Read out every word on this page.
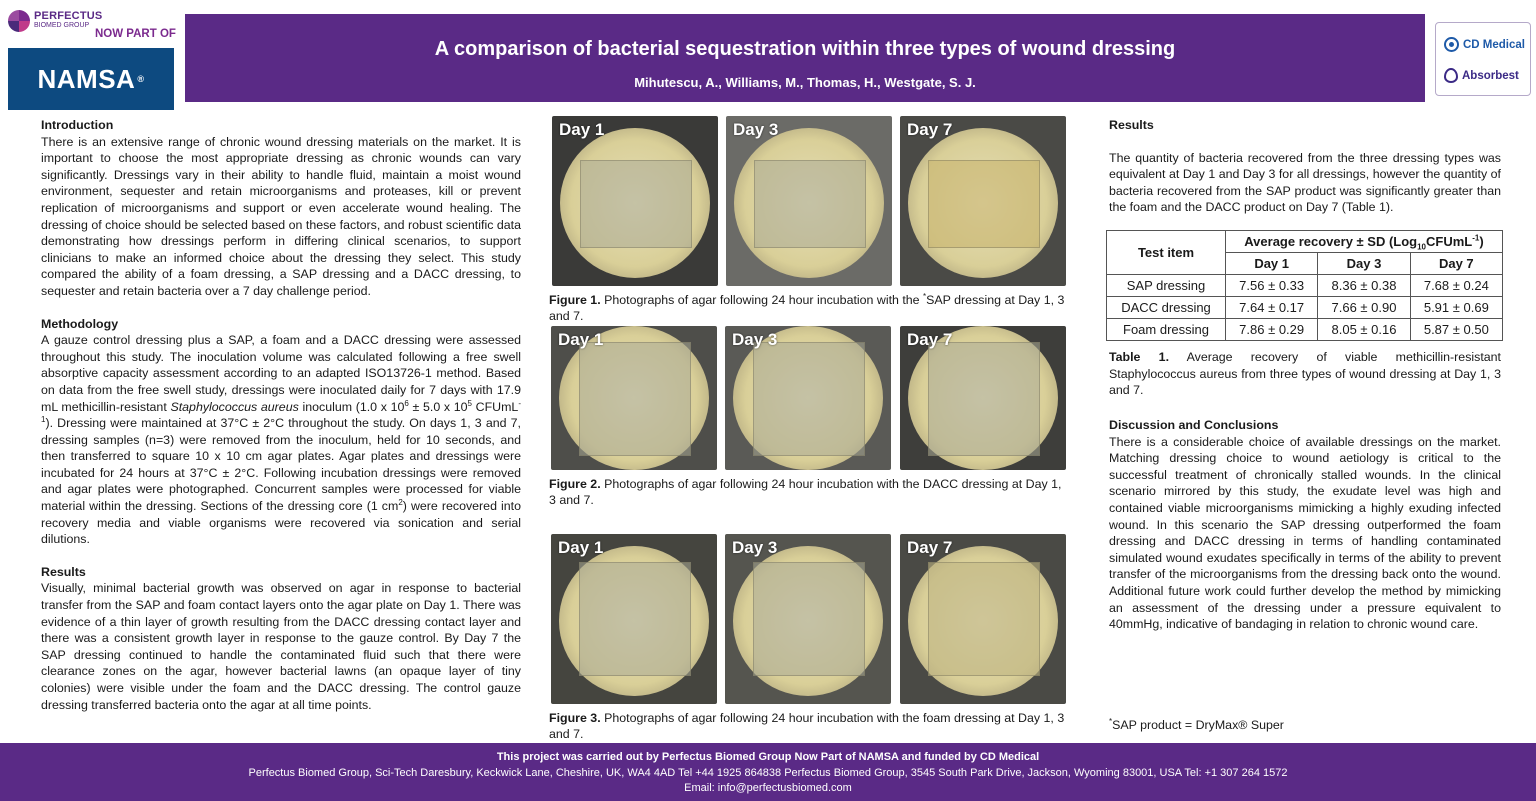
PERFECTUS
BIOMED GROUP
NOW PART OF
NAMSA ®
A comparison of bacterial sequestration within three types of wound dressing
Mihutescu, A., Williams, M., Thomas, H., Westgate, S. J.
CD Medical
Absorbest

Introduction

There is an extensive range of chronic wound dressing materials on the market. It is important to choose the most appropriate dressing as chronic wounds can vary significantly. Dressings vary in their ability to handle fluid, maintain a moist wound environment, sequester and retain microorganisms and proteases, kill or prevent replication of microorganisms and support or even accelerate wound healing. The dressing of choice should be selected based on these factors, and robust scientific data demonstrating how dressings perform in differing clinical scenarios, to support clinicians to make an informed choice about the dressing they select. This study compared the ability of a foam dressing, a SAP dressing and a DACC dressing, to sequester and retain bacteria over a 7 day challenge period.

Methodology

A gauze control dressing plus a SAP, a foam and a DACC dressing were assessed throughout this study. The inoculation volume was calculated following a free swell absorptive capacity assessment according to an adapted ISO13726-1 method. Based on data from the free swell study, dressings were inoculated daily for 7 days with 17.9 mL methicillin-resistant Staphylococcus aureus inoculum (1.0 x $10^6 \pm 5.0$ x $10^5$ CFUmL$^{-1}$). Dressing were maintained at 37°C ± 2°C throughout the study. On days 1, 3 and 7, dressing samples (n=3) were removed from the inoculum, held for 10 seconds, and then transferred to square 10 x 10 cm agar plates. Agar plates and dressings were incubated for 24 hours at 37°C ± 2°C. Following incubation dressings were removed and agar plates were photographed. Concurrent samples were processed for viable material within the dressing. Sections of the dressing core (1 $cm^2$) were recovered into recovery media and viable organisms were recovered via sonication and serial dilutions.

Results

Visually, minimal bacterial growth was observed on agar in response to bacterial transfer from the SAP and foam contact layers onto the agar plate on Day 1. There was evidence of a thin layer of growth resulting from the DACC dressing contact layer and there was a consistent growth layer in response to the gauze control. By Day 7 the SAP dressing continued to handle the contaminated fluid such that there were clearance zones on the agar, however bacterial lawns (an opaque layer of tiny colonies) were visible under the foam and the DACC dressing. The control gauze dressing transferred bacteria onto the agar at all time points.

Day 1	Day 3	Day 7
Figure 1. Photographs of agar following 24 hour incubation with the *SAP dressing at Day 1, 3 and 7.
Day 1	Day 3	Day 7
Figure 2. Photographs of agar following 24 hour incubation with the DACC dressing at Day 1, 3 and 7.
Day 1	Day 3	Day 7
Figure 3. Photographs of agar following 24 hour incubation with the foam dressing at Day 1, 3 and 7.

Results

The quantity of bacteria recovered from the three dressing types was equivalent at Day 1 and Day 3 for all dressings, however the quantity of bacteria recovered from the SAP product was significantly greater than the foam and the DACC product on Day 7 (Table 1).

Test item	Average recovery ± SD (Log$_{10}$CFUmL$^{-1}$)		
	Day 1	Day 3	Day 7
SAP dressing	7.56 ± 0.33	8.36 ± 0.38	7.68 ± 0.24
DACC dressing	7.64 ± 0.17	7.66 ± 0.90	5.91 ± 0.69
Foam dressing	7.86 ± 0.29	8.05 ± 0.16	5.87 ± 0.50
Table 1. Average recovery of viable methicillin-resistant Staphylococcus aureus from three types of wound dressing at Day 1, 3 and 7.

Discussion and Conclusions

There is a considerable choice of available dressings on the market. Matching dressing choice to wound aetiology is critical to the successful treatment of chronically stalled wounds. In the clinical scenario mirrored by this study, the exudate level was high and contained viable microorganisms mimicking a highly exuding infected wound. In this scenario the SAP dressing outperformed the foam dressing and DACC dressing in terms of handling contaminated simulated wound exudates specifically in terms of the ability to prevent transfer of the microorganisms from the dressing back onto the wound. Additional future work could further develop the method by mimicking an assessment of the dressing under a pressure equivalent to 40mmHg, indicative of bandaging in relation to chronic wound care.

*SAP product = DryMax® Super
This project was carried out by Perfectus Biomed Group Now Part of NAMSA and funded by CD Medical
Perfectus Biomed Group, Sci-Tech Daresbury, Keckwick Lane, Cheshire, UK, WA4 4AD Tel +44 1925 864838 Perfectus Biomed Group, 3545 South Park Drive, Jackson, Wyoming 83001, USA Tel: +1 307 264 1572
Email: info@perfectusbiomed.com
